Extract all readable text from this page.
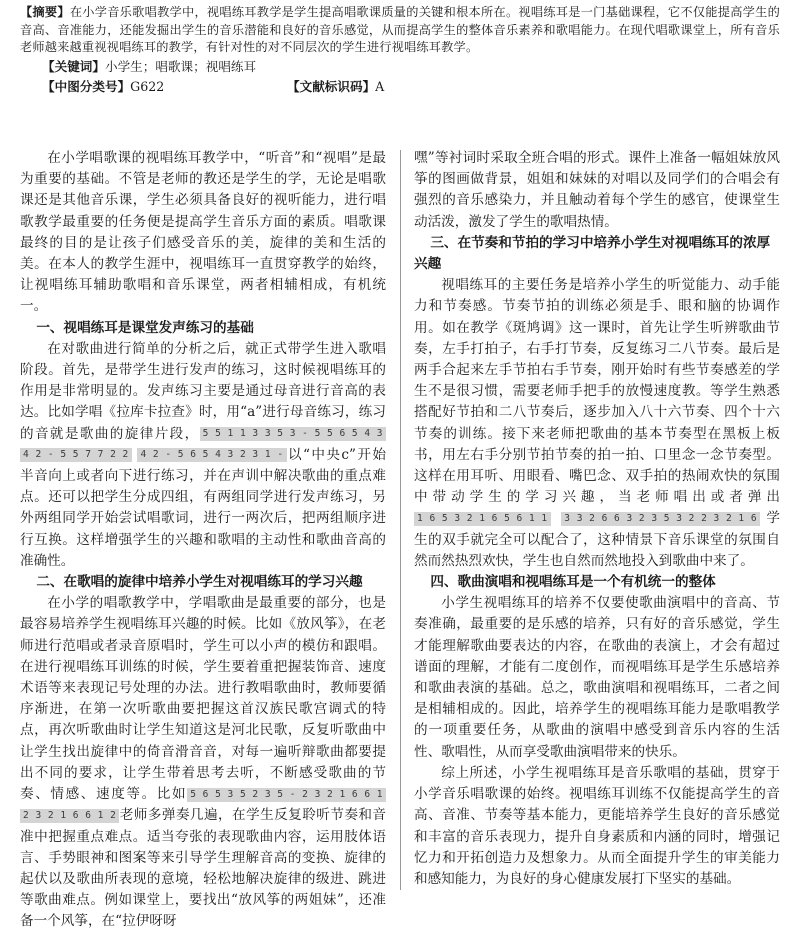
【摘要】在小学音乐歌唱教学中，视唱练耳教学是学生提高唱歌课质量的关键和根本所在。视唱练耳是一门基础课程，它不仅能提高学生的音高、音准能力，还能发掘出学生的音乐潜能和良好的音乐感觉，从而提高学生的整体音乐素养和歌唱能力。在现代唱歌课堂上，所有音乐老师越来越重视视唱练耳的教学，有针对性的对不同层次的学生进行视唱练耳教学。
【关键词】小学生；唱歌课；视唱练耳
【中图分类号】G622	【文献标识码】A

在小学唱歌课的视唱练耳教学中，“听音”和“视唱”是最为重要的基础。不管是老师的教还是学生的学，无论是唱歌课还是其他音乐课，学生必须具备良好的视听能力，进行唱歌教学最重要的任务便是提高学生音乐方面的素质。唱歌课最终的目的是让孩子们感受音乐的美，旋律的美和生活的美。在本人的教学生涯中，视唱练耳一直贯穿教学的始终，让视唱练耳辅助歌唱和音乐课堂，两者相辅相成，有机统一。

一、视唱练耳是课堂发声练习的基础

在对歌曲进行简单的分析之后，就正式带学生进入歌唱阶段。首先，是带学生进行发声的练习，这时候视唱练耳的作用是非常明显的。发声练习主要是通过母音进行音高的表达。比如学唱《拉库卡拉查》时，用“a”进行母音练习，练习的音就是歌曲的旋律片段， 5 5 1 1 3 3 5 3 - 5 5 6 5 4 3 4 2 - 5 5 7 7 2 2 4 2 - 5 6 5 4 3 2 3 1 - 以“中央c”开始半音向上或者向下进行练习，并在声训中解决歌曲的重点难点。还可以把学生分成四组，有两组同学进行发声练习，另外两组同学开始尝试唱歌词，进行一两次后，把两组顺序进行互换。这样增强学生的兴趣和歌唱的主动性和歌曲音高的准确性。

二、在歌唱的旋律中培养小学生对视唱练耳的学习兴趣

在小学的唱歌教学中，学唱歌曲是最重要的部分，也是最容易培养学生视唱练耳兴趣的时候。比如《放风筝》，在老师进行范唱或者录音原唱时，学生可以小声的模仿和跟唱。在进行视唱练耳训练的时候，学生要着重把握装饰音、速度术语等来表现记号处理的办法。进行教唱歌曲时，教师要循序渐进，在第一次听歌曲要把握这首汉族民歌宫调式的特点，再次听歌曲时让学生知道这是河北民歌，反复听歌曲中让学生找出旋律中的倚音滑音音，对每一遍听辩歌曲都要提出不同的要求，让学生带着思考去听，不断感受歌曲的节奏、情感、速度等。比如 5 6 5 3 5 2 3 5 - 2 3 2 1 6 6 1 2 3 2 1 6 6 1 2 老师多弹奏几遍，在学生反复聆听节奏和音准中把握重点难点。适当夸张的表现歌曲内容，运用肢体语言、手势眼神和图案等来引导学生理解音高的变换、旋律的起伏以及歌曲所表现的意境，轻松地解决旋律的级进、跳进等歌曲难点。例如课堂上，要找出“放风筝的两姐妹”，还准备一个风筝，在“拉伊呀呀

嘿”等衬词时采取全班合唱的形式。课件上准备一幅姐妹放风筝的图画做背景，姐姐和妹妹的对唱以及同学们的合唱会有强烈的音乐感染力，并且触动着每个学生的感官，使课堂生动活泼，激发了学生的歌唱热情。

三、在节奏和节拍的学习中培养小学生对视唱练耳的浓厚兴趣

视唱练耳的主要任务是培养小学生的听觉能力、动手能力和节奏感。节奏节拍的训练必须是手、眼和脑的协调作用。如在教学《斑鸠调》这一课时，首先让学生听辨歌曲节奏，左手打拍子，右手打节奏，反复练习二八节奏。最后是两手合起来左手节拍右手节奏，刚开始时有些节奏感差的学生不是很习惯，需要老师手把手的放慢速度教。等学生熟悉搭配好节拍和二八节奏后，逐步加入八十六节奏、四个十六节奏的训练。接下来老师把歌曲的基本节奏型在黑板上板书，用左右手分别节拍节奏的拍一拍、口里念一念节奏型。这样在用耳听、用眼看、嘴巴念、双手拍的热闹欢快的氛围中带动学生的学习兴趣，当老师唱出或者弹出1 6 5 3 2 1 6 5 6 1 1 3 3 2 6 6 3 2 3 5 3 2 2 3 2 1 6 学生的双手就完全可以配合了，这种情景下音乐课堂的氛围自然而然热烈欢快，学生也自然而然地投入到歌曲中来了。

四、歌曲演唱和视唱练耳是一个有机统一的整体

小学生视唱练耳的培养不仅要使歌曲演唱中的音高、节奏准确，最重要的是乐感的培养，只有好的音乐感觉，学生才能理解歌曲要表达的内容，在歌曲的表演上，才会有超过谱面的理解，才能有二度创作，而视唱练耳是学生乐感培养和歌曲表演的基础。总之，歌曲演唱和视唱练耳，二者之间是相辅相成的。因此，培养学生的视唱练耳能力是歌唱教学的一项重要任务，从歌曲的演唱中感受到音乐内容的生活性、歌唱性，从而享受歌曲演唱带来的快乐。

综上所述，小学生视唱练耳是音乐歌唱的基础，贯穿于小学音乐唱歌课的始终。视唱练耳训练不仅能提高学生的音高、音准、节奏等基本能力，更能培养学生良好的音乐感觉和丰富的音乐表现力，提升自身素质和内涵的同时，增强记忆力和开拓创造力及想象力。从而全面提升学生的审美能力和感知能力，为良好的身心健康发展打下坚实的基础。
